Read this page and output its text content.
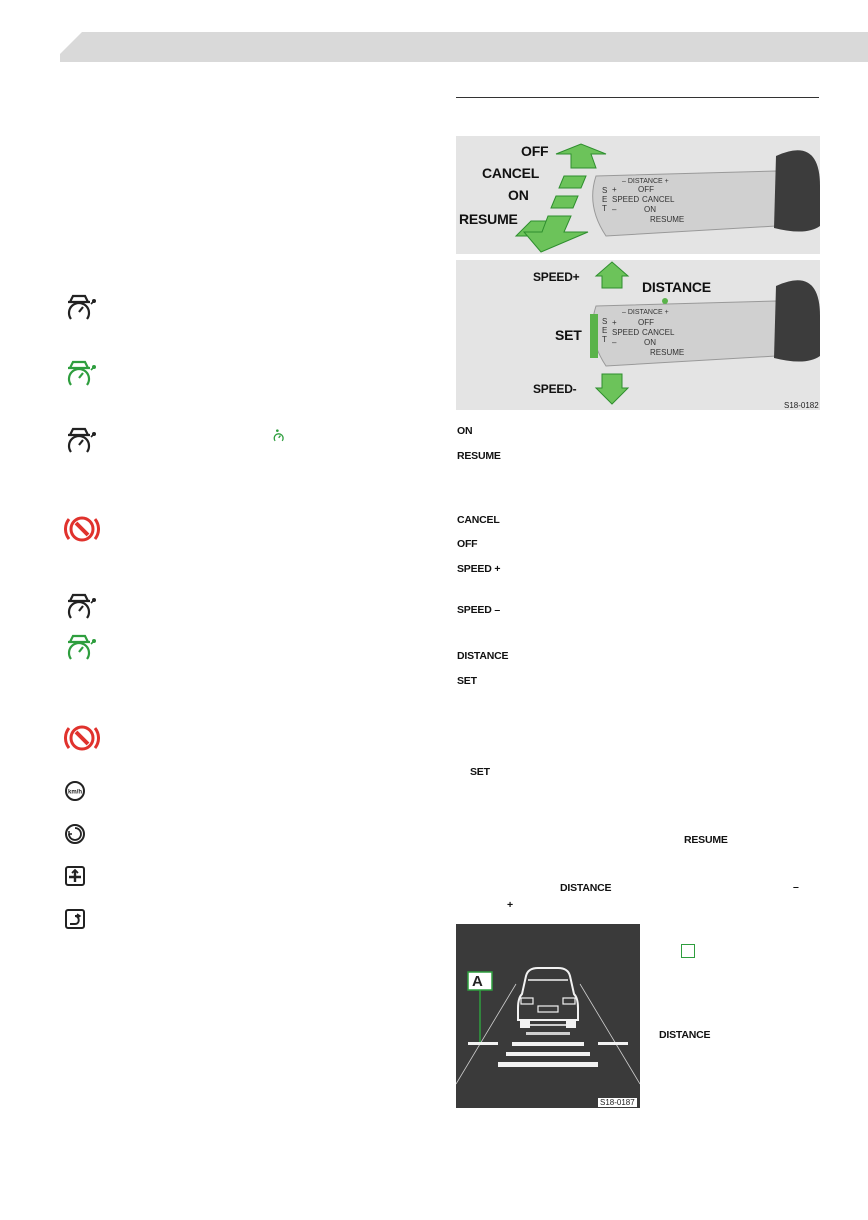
km/h
OFF
CANCEL
ON
RESUME
SPEED+
DISTANCE
SET
SPEED-
– DISTANCE +
S
E
T
+
SPEED
–
OFF
CANCEL
ON
RESUME
– DISTANCE +
S
E
T
+
SPEED
–
OFF
CANCEL
ON
RESUME
S18-0182
ON
RESUME
CANCEL
OFF
SPEED +
SPEED –
DISTANCE
SET
SET
RESUME
DISTANCE	–
+
DISTANCE
A
S18-0187
